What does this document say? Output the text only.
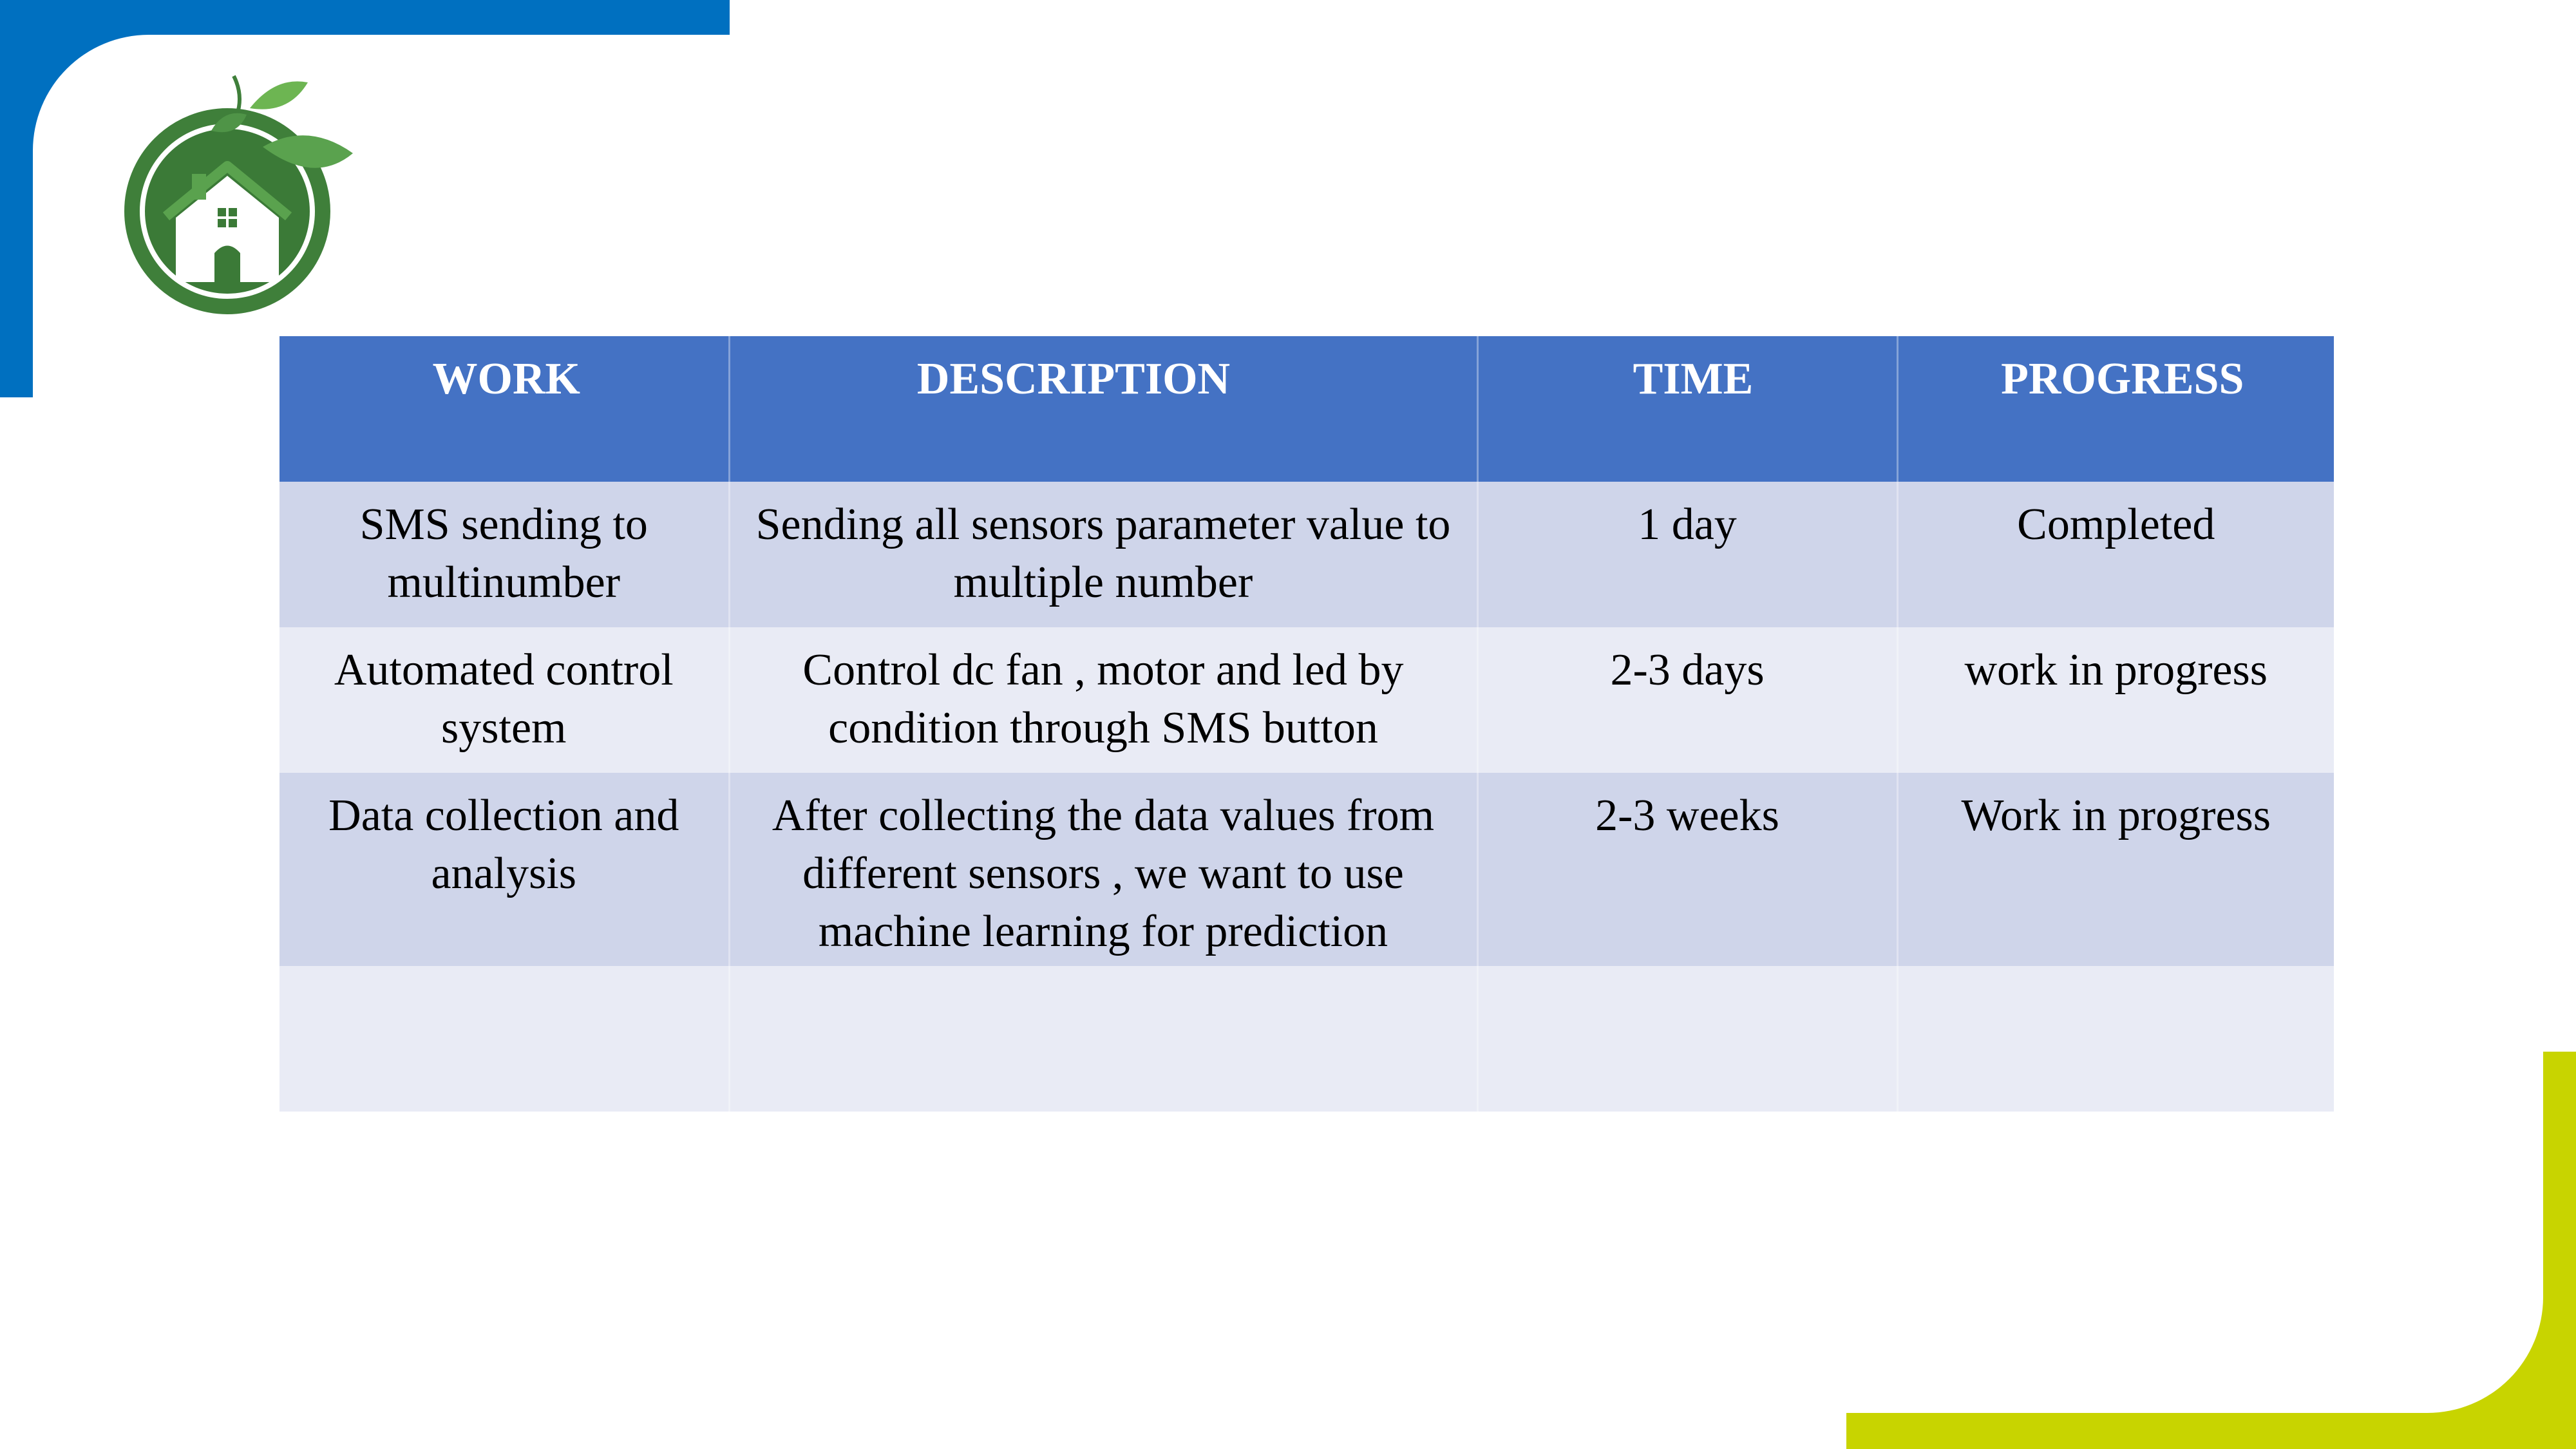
WORK	DESCRIPTION	TIME	PROGRESS

SMS sending to multinumber	Sending all sensors parameter value to multiple number	1 day	Completed

Automated control system	Control dc fan , motor and led by condition through SMS button	2-3 days	work in progress

Data collection and analysis	After collecting the data values from different sensors , we want to use machine learning for prediction	2-3 weeks	Work in progress
